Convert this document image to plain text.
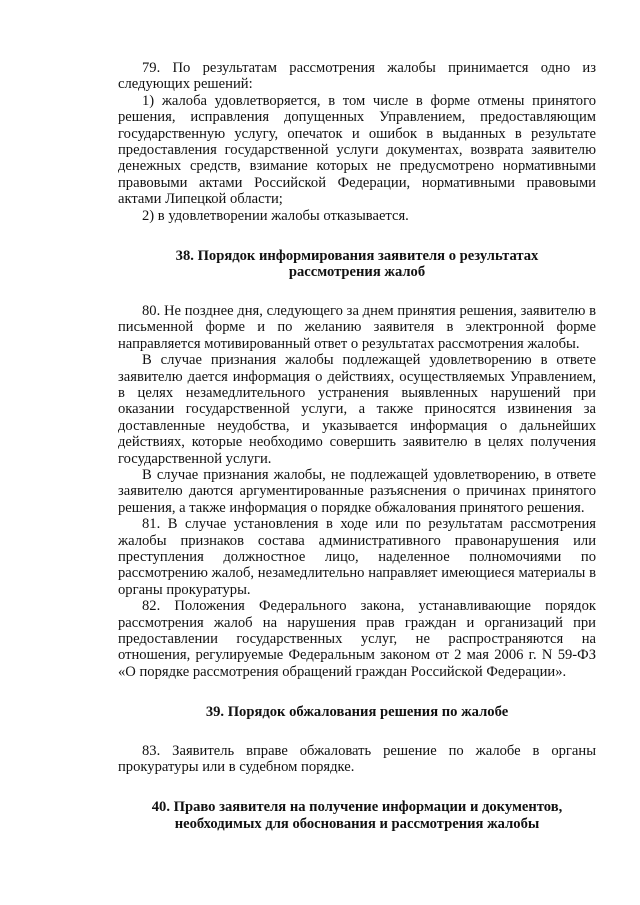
79. По результатам рассмотрения жалобы принимается одно из следующих решений:

1) жалоба удовлетворяется, в том числе в форме отмены принятого решения, исправления допущенных Управлением, предоставляющим государственную услугу, опечаток и ошибок в выданных в результате предоставления государственной услуги документах, возврата заявителю денежных средств, взимание которых не предусмотрено нормативными правовыми актами Российской Федерации, нормативными правовыми актами Липецкой области;

2) в удовлетворении жалобы отказывается.

38. Порядок информирования заявителя о результатах
рассмотрения жалоб

80. Не позднее дня, следующего за днем принятия решения, заявителю в письменной форме и по желанию заявителя в электронной форме направляется мотивированный ответ о результатах рассмотрения жалобы.

В случае признания жалобы подлежащей удовлетворению в ответе заявителю дается информация о действиях, осуществляемых Управлением, в целях незамедлительного устранения выявленных нарушений при оказании государственной услуги, а также приносятся извинения за доставленные неудобства, и указывается информация о дальнейших действиях, которые необходимо совершить заявителю в целях получения государственной услуги.

В случае признания жалобы, не подлежащей удовлетворению, в ответе заявителю даются аргументированные разъяснения о причинах принятого решения, а также информация о порядке обжалования принятого решения.

81. В случае установления в ходе или по результатам рассмотрения жалобы признаков состава административного правонарушения или преступления должностное лицо, наделенное полномочиями по рассмотрению жалоб, незамедлительно направляет имеющиеся материалы в органы прокуратуры.

82. Положения Федерального закона, устанавливающие порядок рассмотрения жалоб на нарушения прав граждан и организаций при предоставлении государственных услуг, не распространяются на отношения, регулируемые Федеральным законом от 2 мая 2006 г. N 59-ФЗ «О порядке рассмотрения обращений граждан Российской Федерации».

39. Порядок обжалования решения по жалобе

83. Заявитель вправе обжаловать решение по жалобе в органы прокуратуры или в судебном порядке.

40. Право заявителя на получение информации и документов,
необходимых для обоснования и рассмотрения жалобы
